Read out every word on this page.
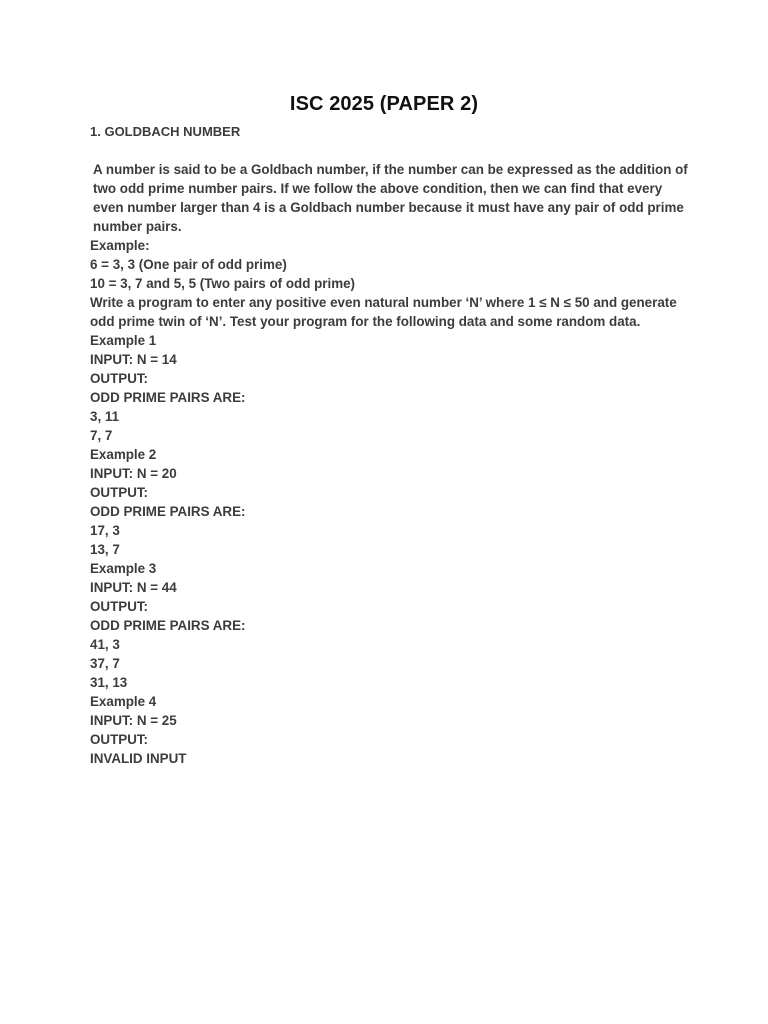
ISC 2025 (PAPER 2)
1. GOLDBACH NUMBER

A number is said to be a Goldbach number, if the number can be expressed as the addition of two odd prime number pairs. If we follow the above condition, then we can find that every even number larger than 4 is a Goldbach number because it must have any pair of odd prime number pairs.

Example:

6 = 3, 3 (One pair of odd prime)

10 = 3, 7 and 5, 5 (Two pairs of odd prime)

Write a program to enter any positive even natural number ‘N’ where 1 ≤ N ≤ 50 and generate odd prime twin of ‘N’. Test your program for the following data and some random data.

Example 1

INPUT: N = 14

OUTPUT:

ODD PRIME PAIRS ARE:

3, 11

7, 7

Example 2

INPUT: N = 20

OUTPUT:

ODD PRIME PAIRS ARE:

17, 3

13, 7

Example 3

INPUT: N = 44

OUTPUT:

ODD PRIME PAIRS ARE:

41, 3

37, 7

31, 13

Example 4

INPUT: N = 25

OUTPUT:

INVALID INPUT
